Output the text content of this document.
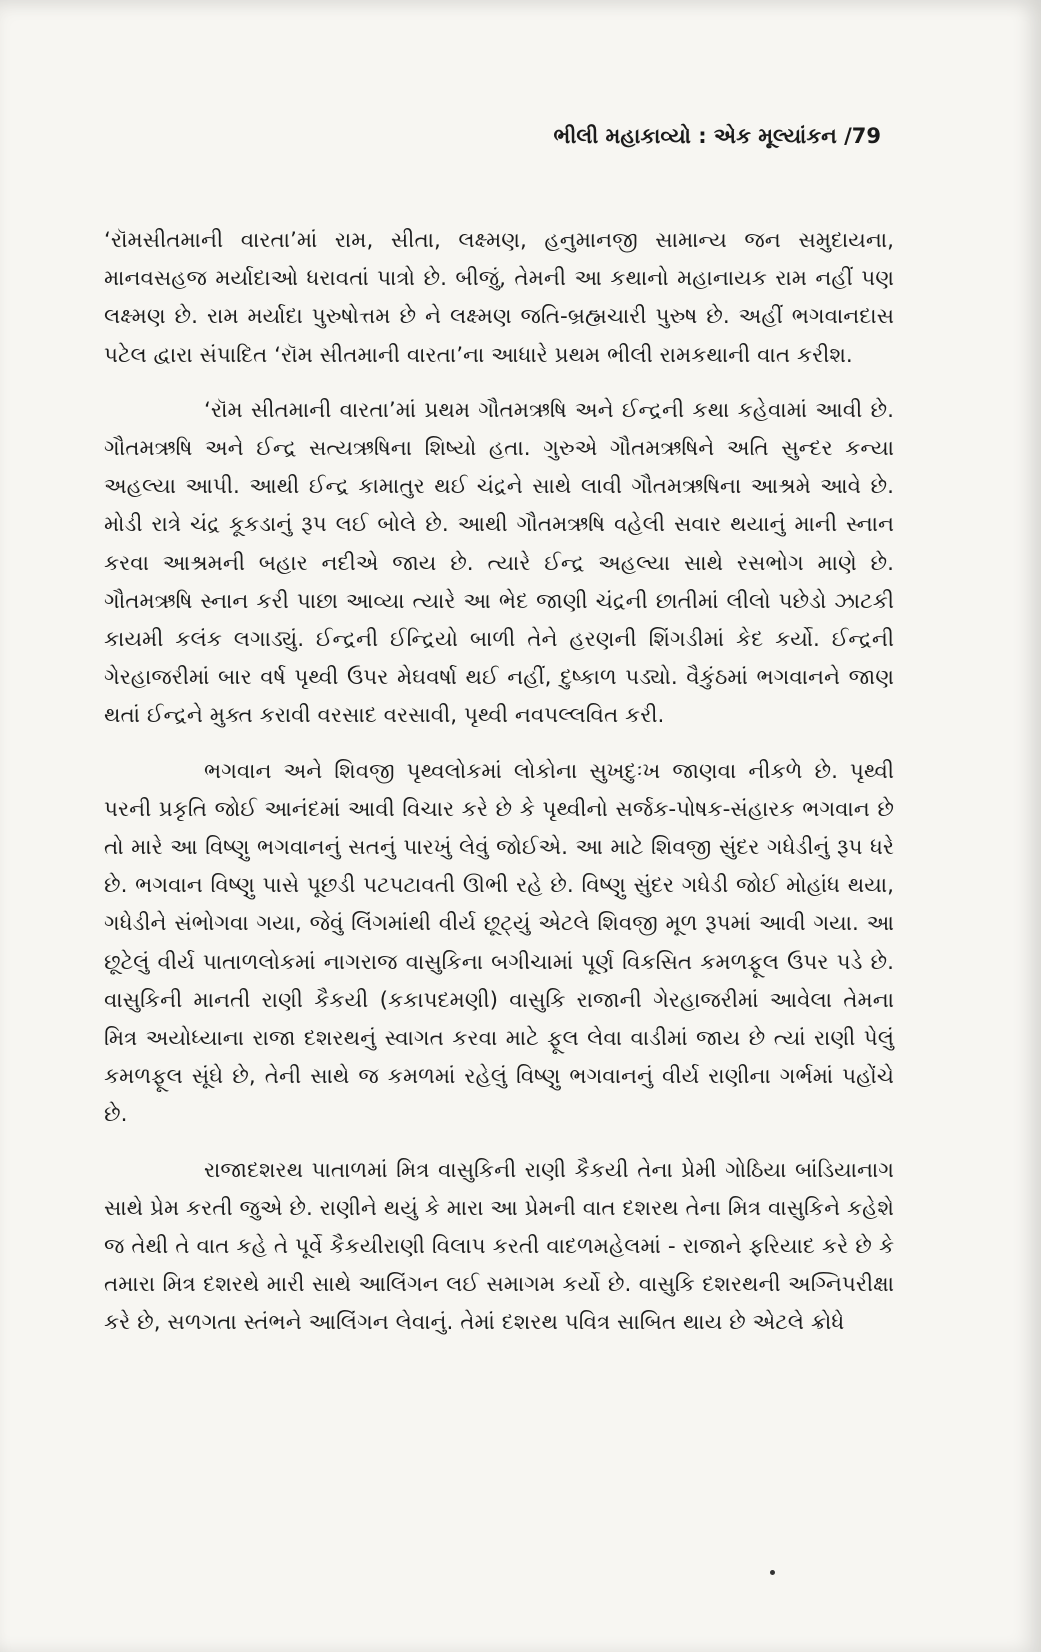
ભીલી મહાકાવ્યો : એક મૂલ્યાંકન /79

‘રૉમસીતમાની વારતા’માં રામ, સીતા, લક્ષ્મણ, હનુમાનજી સામાન્ય જન સમુદાયના, માનવસહજ મર્યાદાઓ ધરાવતાં પાત્રો છે. બીજું, તેમની આ કથાનો મહાનાયક રામ નહીં પણ લક્ષ્મણ છે. રામ મર્યાદા પુરુષોત્તમ છે ને લક્ષ્મણ જતિ-બ્રહ્મચારી પુરુષ છે. અહીં ભગવાનદાસ પટેલ દ્વારા સંપાદિત ‘રૉમ સીતમાની વારતા’ના આધારે પ્રથમ ભીલી રામકથાની વાત કરીશ.

‘રૉમ સીતમાની વારતા’માં પ્રથમ ગૌતમઋષિ અને ઈન્દ્રની કથા કહેવામાં આવી છે. ગૌતમઋષિ અને ઈન્દ્ર સત્યઋષિના શિષ્યો હતા. ગુરુએ ગૌતમઋષિને અતિ સુન્દર કન્યા અહલ્યા આપી. આથી ઈન્દ્ર કામાતુર થઈ ચંદ્રને સાથે લાવી ગૌતમઋષિના આશ્રમે આવે છે. મોડી રાત્રે ચંદ્ર કૂકડાનું રૂપ લઈ બોલે છે. આથી ગૌતમઋષિ વહેલી સવાર થયાનું માની સ્નાન કરવા આશ્રમની બહાર નદીએ જાય છે. ત્યારે ઈન્દ્ર અહલ્યા સાથે રસભોગ માણે છે. ગૌતમઋષિ સ્નાન કરી પાછા આવ્યા ત્યારે આ ભેદ જાણી ચંદ્રની છાતીમાં લીલો પછેડો ઝાટકી કાયમી કલંક લગાડ્યું. ઈન્દ્રની ઈન્દ્રિયો બાળી તેને હરણની શિંગડીમાં કેદ કર્યો. ઈન્દ્રની ગેરહાજરીમાં બાર વર્ષ પૃથ્વી ઉપર મેઘવર્ષા થઈ નહીં, દુષ્કાળ પડ્યો. વૈકુંઠમાં ભગવાનને જાણ થતાં ઈન્દ્રને મુક્ત કરાવી વરસાદ વરસાવી, પૃથ્વી નવપલ્લવિત કરી.

ભગવાન અને શિવજી પૃથ્વલોકમાં લોકોના સુખદુઃખ જાણવા નીકળે છે. પૃથ્વી પરની પ્રકૃતિ જોઈ આનંદમાં આવી વિચાર કરે છે કે પૃથ્વીનો સર્જક-પોષક-સંહારક ભગવાન છે તો મારે આ વિષ્ણુ ભગવાનનું સતનું પારખું લેવું જોઈએ. આ માટે શિવજી સુંદર ગધેડીનું રૂપ ધરે છે. ભગવાન વિષ્ણુ પાસે પૂછડી પટપટાવતી ઊભી રહે છે. વિષ્ણુ સુંદર ગધેડી જોઈ મોહાંધ થયા, ગધેડીને સંભોગવા ગયા, જેવું લિંગમાંથી વીર્ય છૂટ્યું એટલે શિવજી મૂળ રૂપમાં આવી ગયા. આ છૂટેલું વીર્ય પાતાળલોકમાં નાગરાજ વાસુકિના બગીચામાં પૂર્ણ વિકસિત કમળફૂલ ઉપર પડે છે. વાસુકિની માનતી રાણી કૈકયી (કકાપદમણી) વાસુકિ રાજાની ગેરહાજરીમાં આવેલા તેમના મિત્ર અયોધ્યાના રાજા દશરથનું સ્વાગત કરવા માટે ફૂલ લેવા વાડીમાં જાય છે ત્યાં રાણી પેલું કમળફૂલ સૂંઘે છે, તેની સાથે જ કમળમાં રહેલું વિષ્ણુ ભગવાનનું વીર્ય રાણીના ગર્ભમાં પહોંચે છે.

રાજાદશરથ પાતાળમાં મિત્ર વાસુકિની રાણી કૈકયી તેના પ્રેમી ગોઠિયા બાંડિયાનાગ સાથે પ્રેમ કરતી જુએ છે. રાણીને થયું કે મારા આ પ્રેમની વાત દશરથ તેના મિત્ર વાસુકિને કહેશે જ તેથી તે વાત કહે તે પૂર્વે કૈકયીરાણી વિલાપ કરતી વાદળમહેલમાં - રાજાને ફરિયાદ કરે છે કે તમારા મિત્ર દશરથે મારી સાથે આલિંગન લઈ સમાગમ કર્યો છે. વાસુકિ દશરથની અગ્નિપરીક્ષા કરે છે, સળગતા સ્તંભને આલિંગન લેવાનું. તેમાં દશરથ પવિત્ર સાબિત થાય છે એટલે ક્રોધે
